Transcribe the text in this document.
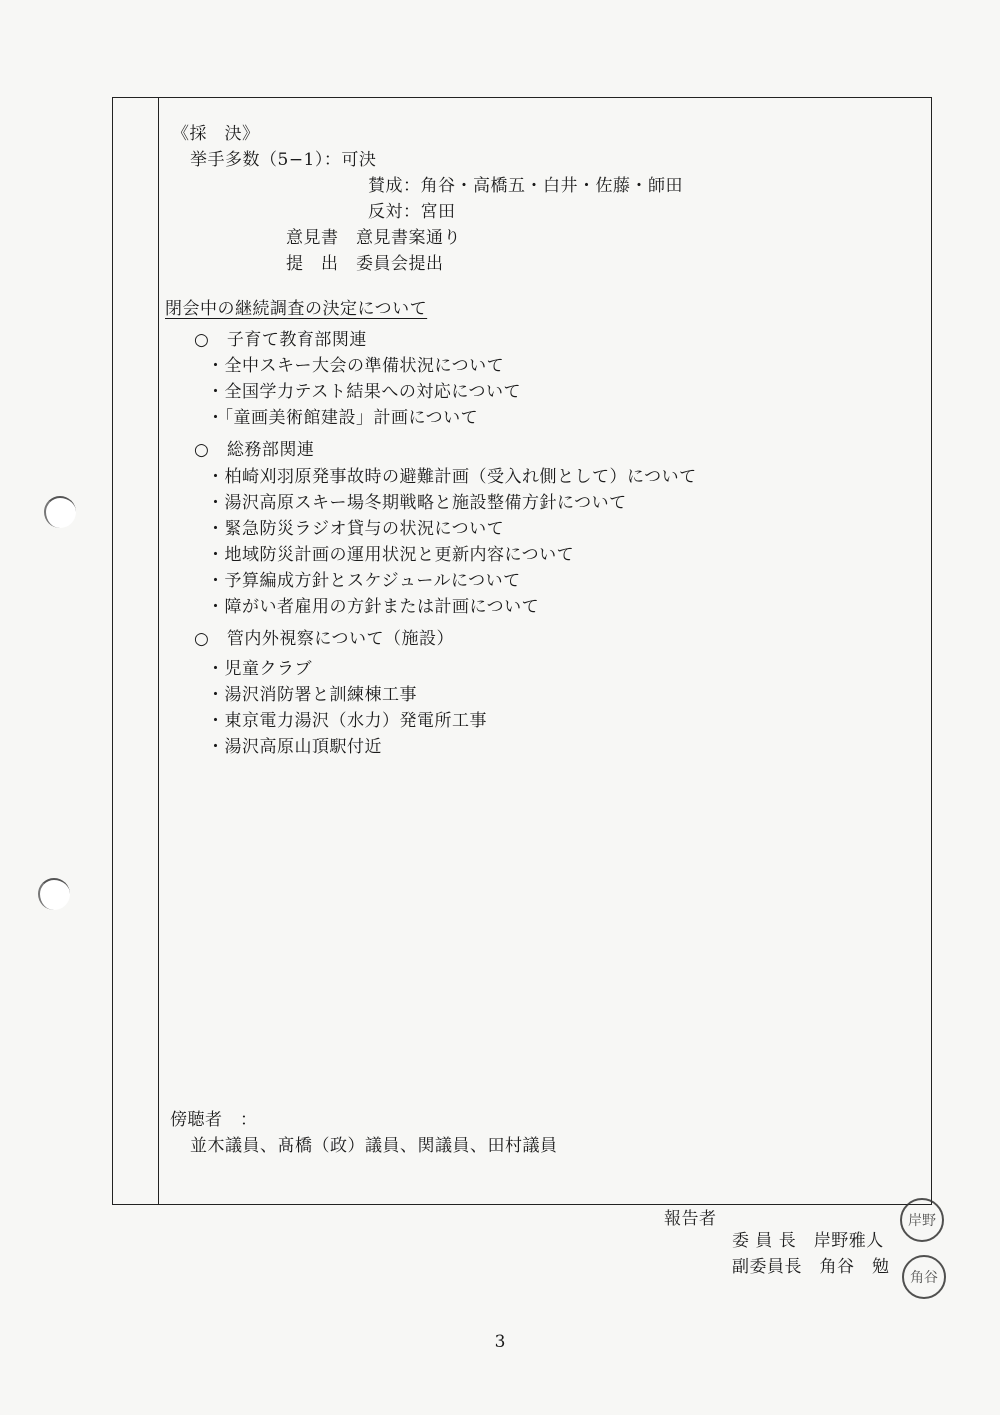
《採　決》
挙手多数（5−1）：可決
賛成：角谷・高橋五・白井・佐藤・師田
反対：宮田
意見書　意見書案通り
提　出　委員会提出
閉会中の継続調査の決定について
○　子育て教育部関連
・全中スキー大会の準備状況について
・全国学力テスト結果への対応について
・「童画美術館建設」計画について
○　総務部関連
・柏崎刈羽原発事故時の避難計画（受入れ側として）について
・湯沢高原スキー場冬期戦略と施設整備方針について
・緊急防災ラジオ貸与の状況について
・地域防災計画の運用状況と更新内容について
・予算編成方針とスケジュールについて
・障がい者雇用の方針または計画について
○　管内外視察について（施設）
・児童クラブ
・湯沢消防署と訓練棟工事
・東京電力湯沢（水力）発電所工事
・湯沢高原山頂駅付近
傍聴者　：
並木議員、髙橋（政）議員、関議員、田村議員
報告者
委 員 長　岸野雅人
副委員長　角谷　勉
岸野
角谷
3
